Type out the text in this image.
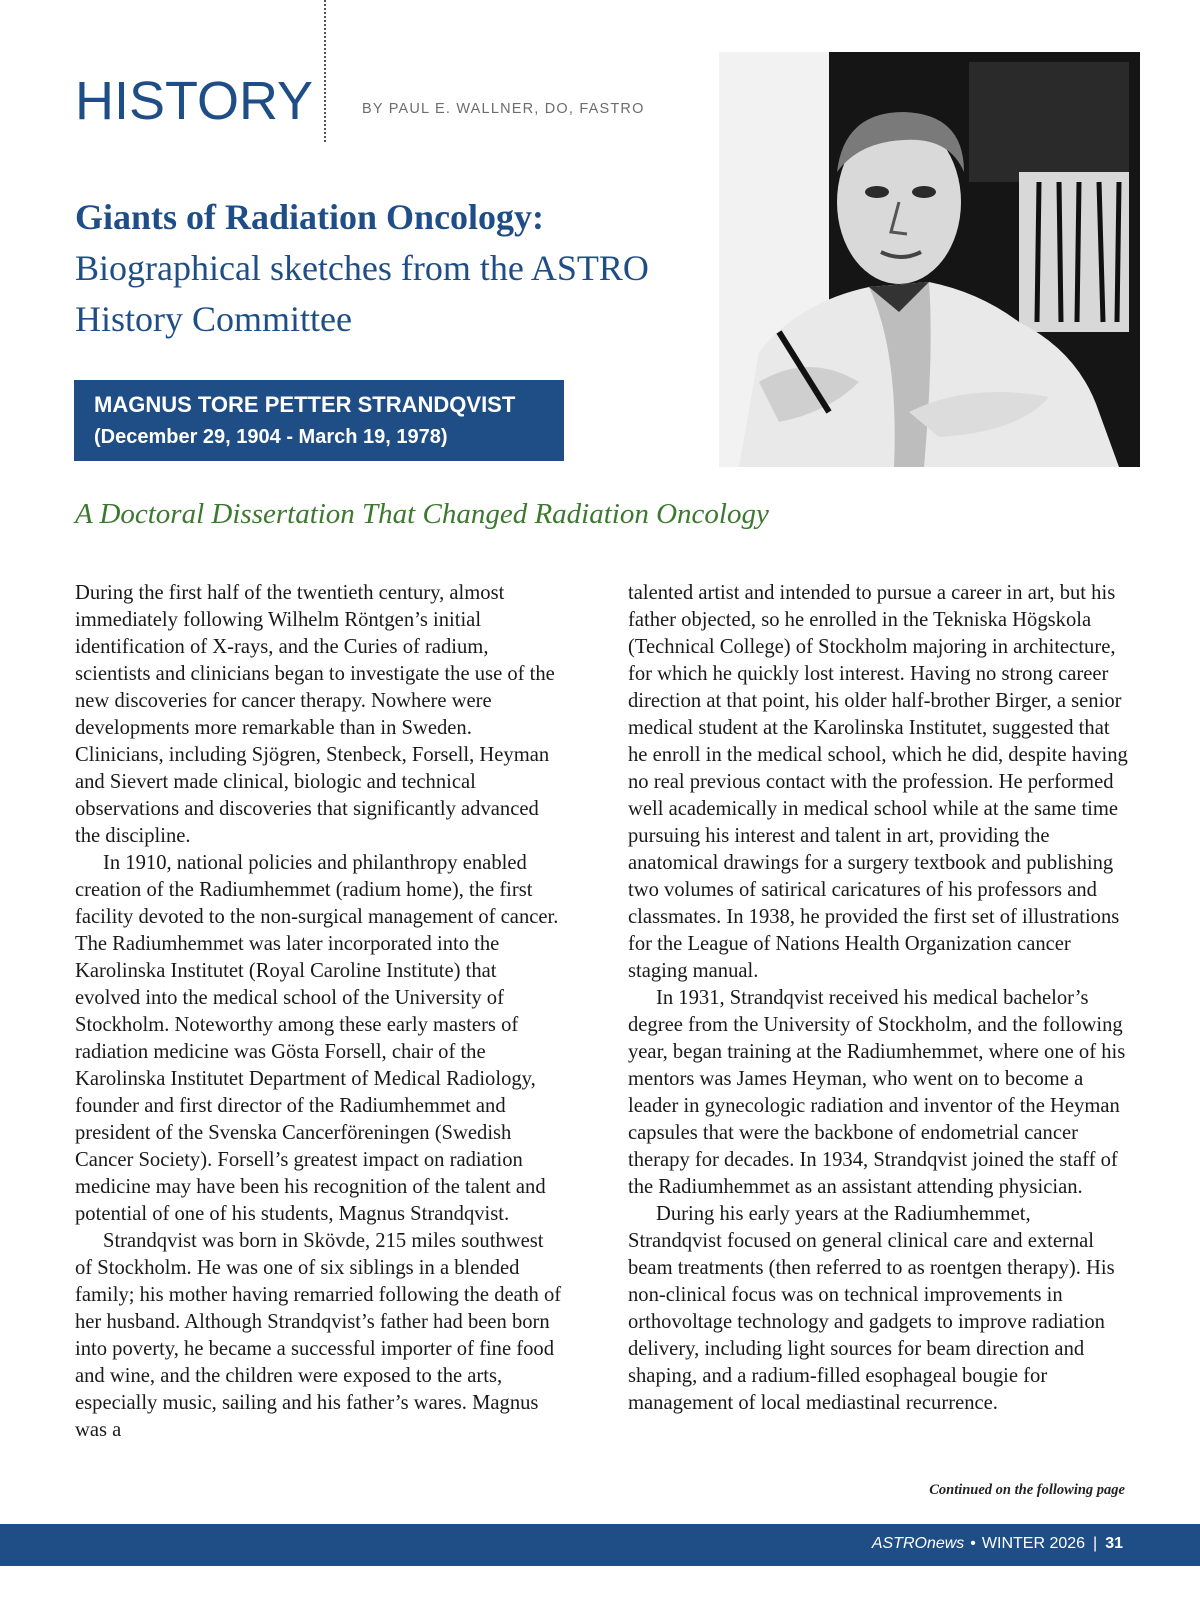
HISTORY	BY PAUL E. WALLNER, DO, FASTRO
Giants of Radiation Oncology:
Biographical sketches from the ASTRO History Committee
MAGNUS TORE PETTER STRANDQVIST
(December 29, 1904 - March 19, 1978)
A Doctoral Dissertation That Changed Radiation Oncology

During the first half of the twentieth century, almost immediately following Wilhelm Röntgen’s initial identification of X-rays, and the Curies of radium, scientists and clinicians began to investigate the use of the new discoveries for cancer therapy. Nowhere were developments more remarkable than in Sweden. Clinicians, including Sjögren, Stenbeck, Forsell, Heyman and Sievert made clinical, biologic and technical observations and discoveries that significantly advanced the discipline.

In 1910, national policies and philanthropy enabled creation of the Radiumhemmet (radium home), the first facility devoted to the non-surgical management of cancer. The Radiumhemmet was later incorporated into the Karolinska Institutet (Royal Caroline Institute) that evolved into the medical school of the University of Stockholm. Noteworthy among these early masters of radiation medicine was Gösta Forsell, chair of the Karolinska Institutet Department of Medical Radiology, founder and first director of the Radiumhemmet and president of the Svenska Cancerföreningen (Swedish Cancer Society). Forsell’s greatest impact on radiation medicine may have been his recognition of the talent and potential of one of his students, Magnus Strandqvist.

Strandqvist was born in Skövde, 215 miles southwest of Stockholm. He was one of six siblings in a blended family; his mother having remarried following the death of her husband. Although Strandqvist’s father had been born into poverty, he became a successful importer of fine food and wine, and the children were exposed to the arts, especially music, sailing and his father’s wares. Magnus was a

talented artist and intended to pursue a career in art, but his father objected, so he enrolled in the Tekniska Högskola (Technical College) of Stockholm majoring in architecture, for which he quickly lost interest. Having no strong career direction at that point, his older half-brother Birger, a senior medical student at the Karolinska Institutet, suggested that he enroll in the medical school, which he did, despite having no real previous contact with the profession. He performed well academically in medical school while at the same time pursuing his interest and talent in art, providing the anatomical drawings for a surgery textbook and publishing two volumes of satirical caricatures of his professors and classmates. In 1938, he provided the first set of illustrations for the League of Nations Health Organization cancer staging manual.

In 1931, Strandqvist received his medical bachelor’s degree from the University of Stockholm, and the following year, began training at the Radiumhemmet, where one of his mentors was James Heyman, who went on to become a leader in gynecologic radiation and inventor of the Heyman capsules that were the backbone of endometrial cancer therapy for decades. In 1934, Strandqvist joined the staff of the Radiumhemmet as an assistant attending physician.

During his early years at the Radiumhemmet, Strandqvist focused on general clinical care and external beam treatments (then referred to as roentgen therapy). His non-clinical focus was on technical improvements in orthovoltage technology and gadgets to improve radiation delivery, including light sources for beam direction and shaping, and a radium-filled esophageal bougie for management of local mediastinal recurrence.

Continued on the following page
ASTROnews • WINTER 2026 | 31
